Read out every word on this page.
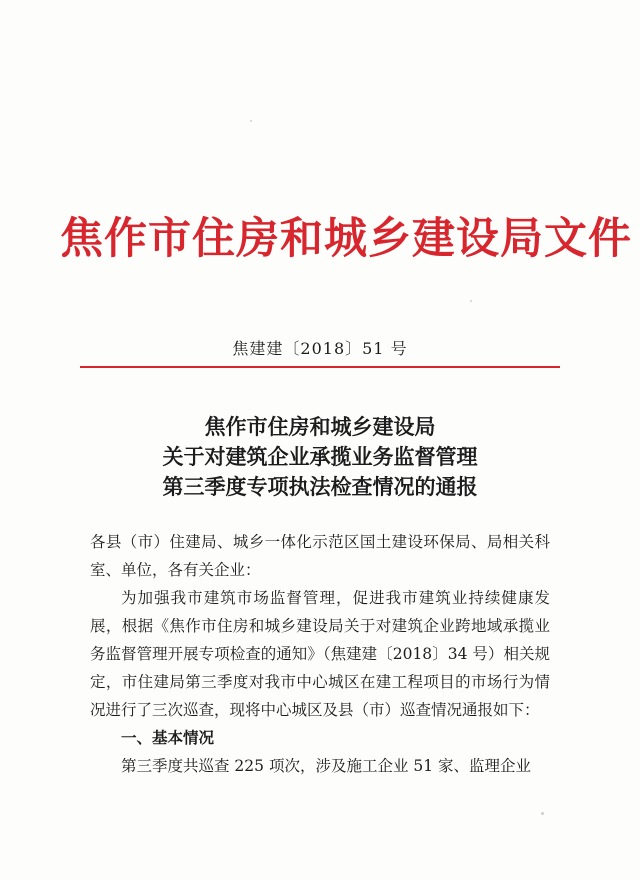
焦作市住房和城乡建设局文件
焦建建〔2018〕51 号
焦作市住房和城乡建设局
关于对建筑企业承揽业务监督管理
第三季度专项执法检查情况的通报

各县（市）住建局、城乡一体化示范区国土建设环保局、局相关科室、单位，各有关企业：

为加强我市建筑市场监督管理，促进我市建筑业持续健康发展，根据《焦作市住房和城乡建设局关于对建筑企业跨地域承揽业务监督管理开展专项检查的通知》（焦建建〔2018〕34 号）相关规定，市住建局第三季度对我市中心城区在建工程项目的市场行为情况进行了三次巡查，现将中心城区及县（市）巡查情况通报如下：

一、基本情况

第三季度共巡查 225 项次，涉及施工企业 51 家、监理企业
